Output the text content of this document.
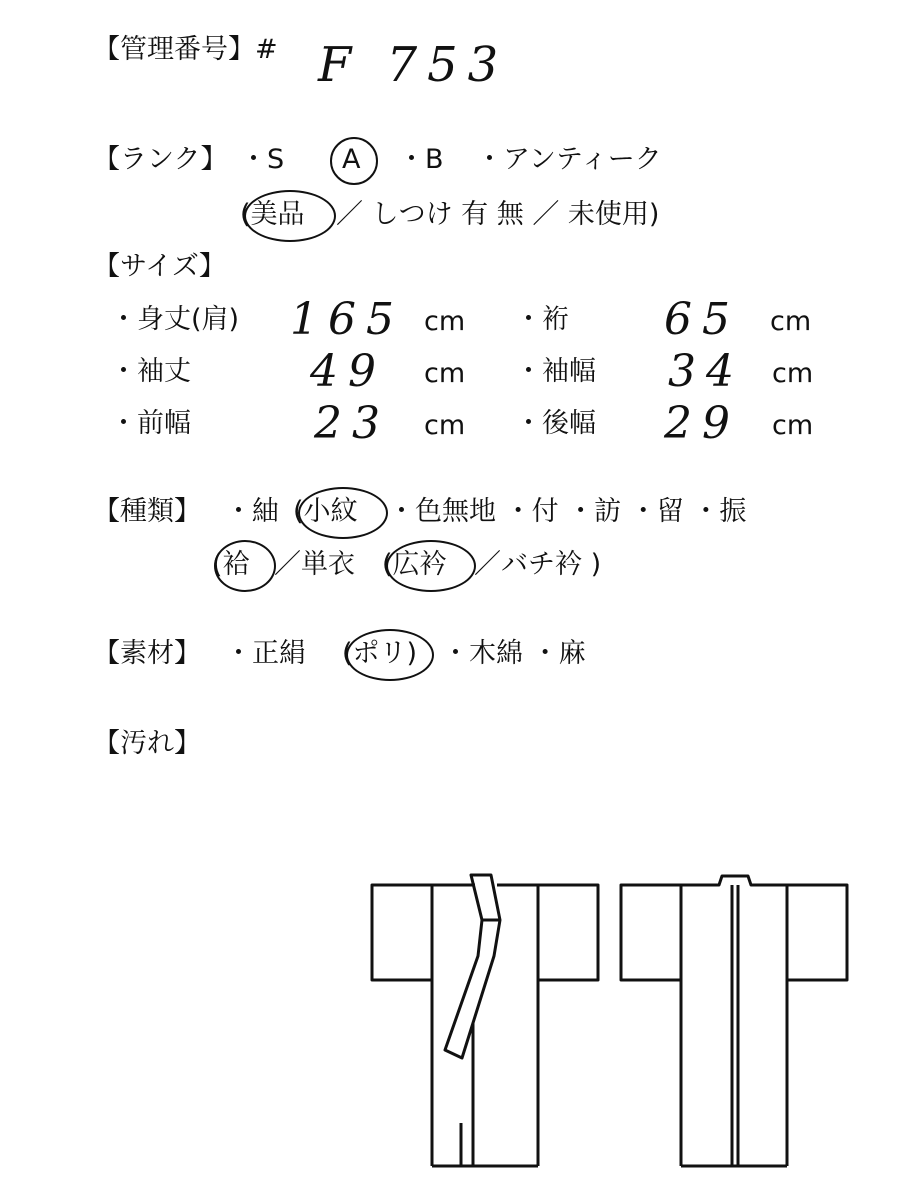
【管理番号】# F 753
【ランク】 ・S A ・B ・アンティーク
(美品 ／ しつけ 有 無 ／ 未使用)
【サイズ】
・身丈(肩) 165 cm ・裄 65 cm
・袖丈	49 cm ・袖幅 34 cm
・前幅	23 cm ・後幅 29 cm
【種類】 ・紬 (小紋 ・色無地 ・付 ・訪 ・留 ・振
(袷 ／単衣 (広衿 ／バチ衿 )
【素材】 ・正絹 (ポリ) ・木綿 ・麻
【汚れ】
